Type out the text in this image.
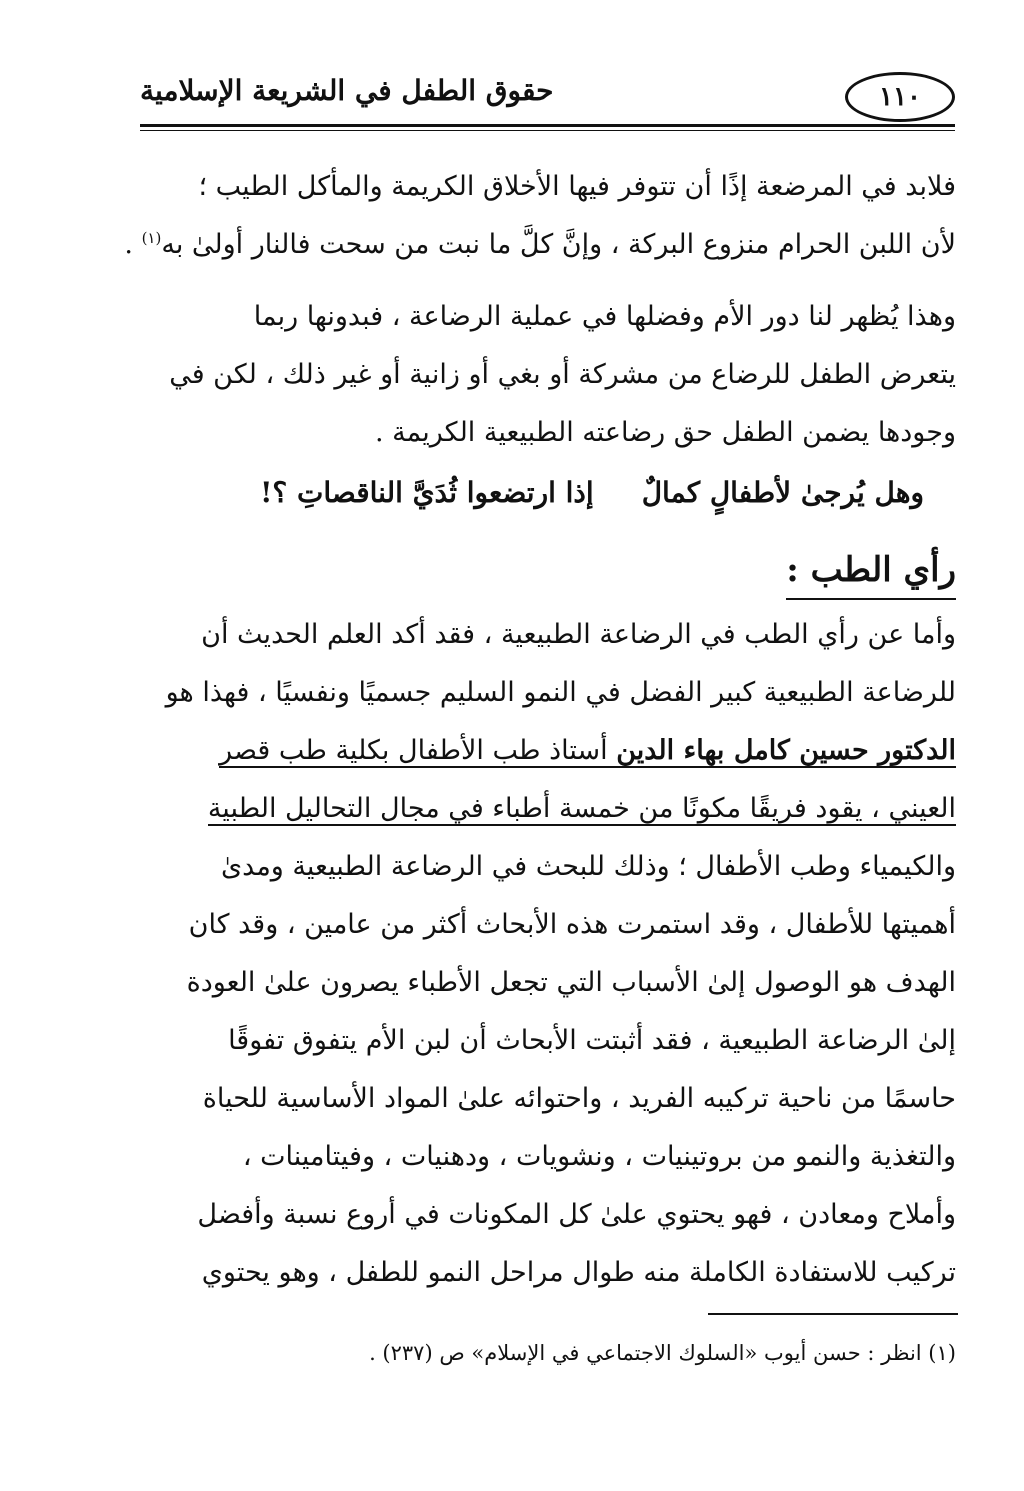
١١٠
حقوق الطفل في الشريعة الإسلامية
فلابد في المرضعة إذًا أن تتوفر فيها الأخلاق الكريمة والمأكل الطيب ؛
لأن اللبن الحرام منزوع البركة ، وإنَّ كلَّ ما نبت من سحت فالنار أولىٰ به$^{(١)}$ .
وهذا يُظهر لنا دور الأم وفضلها في عملية الرضاعة ، فبدونها ربما
يتعرض الطفل للرضاع من مشركة أو بغي أو زانية أو غير ذلك ، لكن في
وجودها يضمن الطفل حق رضاعته الطبيعية الكريمة .
وهل يُرجىٰ لأطفالٍ كمالٌإذا ارتضعوا ثُدَيَّ الناقصاتِ ؟!
رأي الطب :
وأما عن رأي الطب في الرضاعة الطبيعية ، فقد أكد العلم الحديث أن
للرضاعة الطبيعية كبير الفضل في النمو السليم جسميًا ونفسيًا ، فهذا هو
الدكتور حسين كامل بهاء الدين أستاذ طب الأطفال بكلية طب قصر
العيني ، يقود فريقًا مكونًا من خمسة أطباء في مجال التحاليل الطبية
والكيمياء وطب الأطفال ؛ وذلك للبحث في الرضاعة الطبيعية ومدىٰ
أهميتها للأطفال ، وقد استمرت هذه الأبحاث أكثر من عامين ، وقد كان
الهدف هو الوصول إلىٰ الأسباب التي تجعل الأطباء يصرون علىٰ العودة
إلىٰ الرضاعة الطبيعية ، فقد أثبتت الأبحاث أن لبن الأم يتفوق تفوقًا
حاسمًا من ناحية تركيبه الفريد ، واحتوائه علىٰ المواد الأساسية للحياة
والتغذية والنمو من بروتينيات ، ونشويات ، ودهنيات ، وفيتامينات ،
وأملاح ومعادن ، فهو يحتوي علىٰ كل المكونات في أروع نسبة وأفضل
تركيب للاستفادة الكاملة منه طوال مراحل النمو للطفل ، وهو يحتوي
(١) انظر : حسن أيوب «السلوك الاجتماعي في الإسلام» ص (٢٣٧) .
